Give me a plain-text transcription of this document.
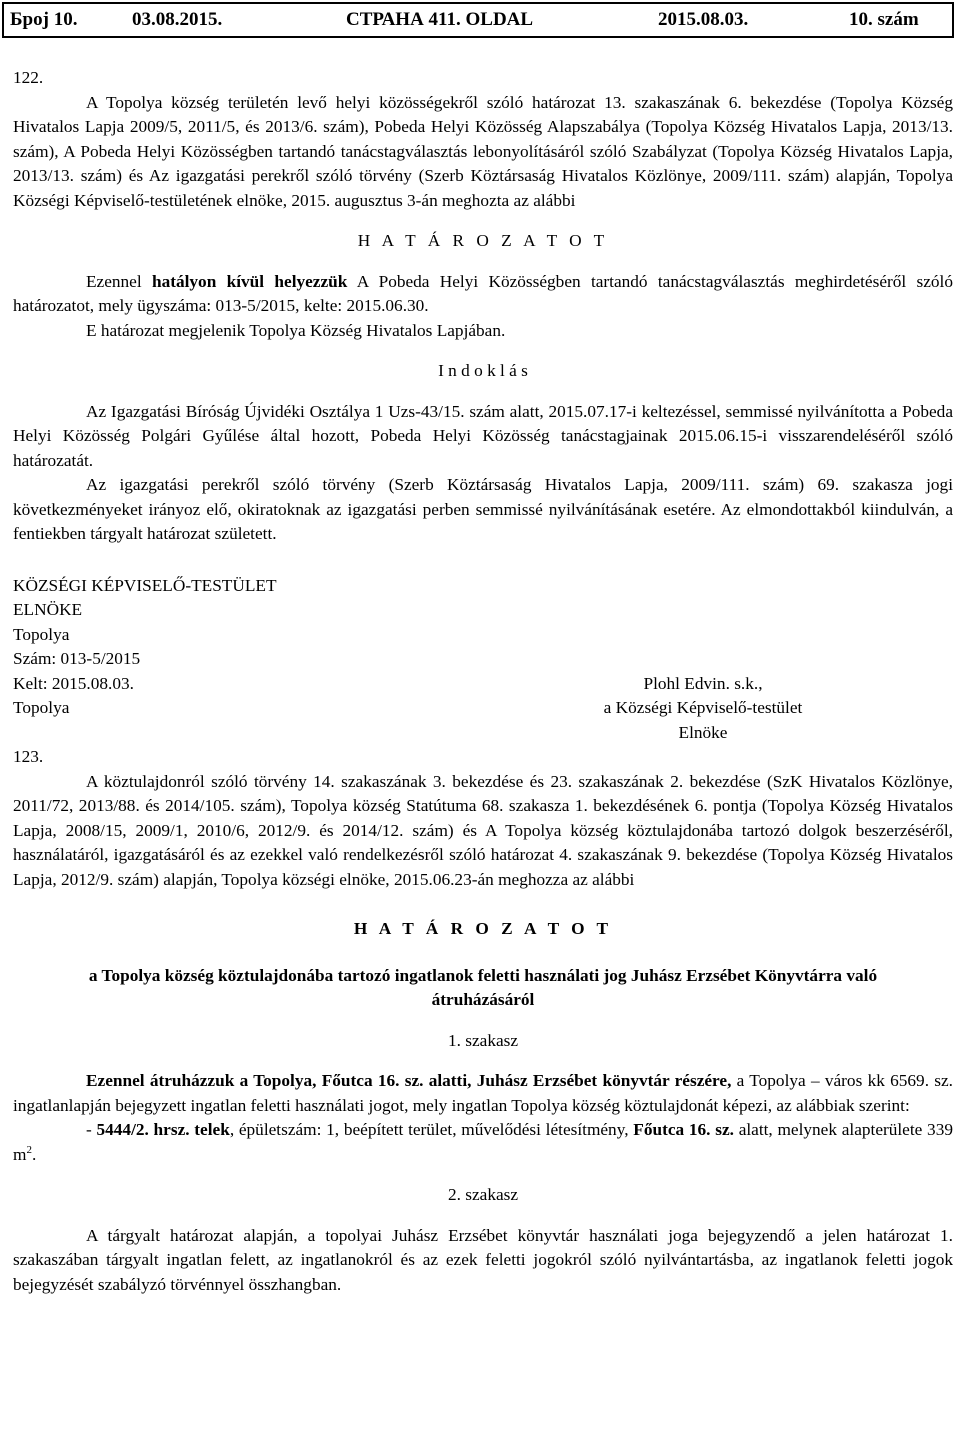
Број 10.	03.08.2015.	СТРАНА 411. OLDAL	2015.08.03.	10. szám

122.

A Topolya község területén levő helyi közösségekről szóló határozat 13. szakaszának 6. bekezdése (Topolya Község Hivatalos Lapja 2009/5, 2011/5, és 2013/6. szám), Pobeda Helyi Közösség Alapszabálya (Topolya Község Hivatalos Lapja, 2013/13. szám), A Pobeda Helyi Közösségben tartandó tanácstagválasztás lebonyolításáról szóló Szabályzat (Topolya Község Hivatalos Lapja, 2013/13. szám) és Az igazgatási perekről szóló törvény (Szerb Köztársaság Hivatalos Közlönye, 2009/111. szám) alapján, Topolya Községi Képviselő-testületének elnöke, 2015. augusztus 3-án meghozta az alábbi

H A T Á R O Z A T O T

Ezennel hatályon kívül helyezzük A Pobeda Helyi Közösségben tartandó tanácstagválasztás meghirdetéséről szóló határozatot, mely ügyszáma: 013-5/2015, kelte: 2015.06.30.

E határozat megjelenik Topolya Község Hivatalos Lapjában.

I n d o k l á s

Az Igazgatási Bíróság Újvidéki Osztálya 1 Uzs-43/15. szám alatt, 2015.07.17-i keltezéssel, semmissé nyilvánította a Pobeda Helyi Közösség Polgári Gyűlése által hozott, Pobeda Helyi Közösség tanácstagjainak 2015.06.15-i visszarendeléséről szóló határozatát.

Az igazgatási perekről szóló törvény (Szerb Köztársaság Hivatalos Lapja, 2009/111. szám) 69. szakasza jogi következményeket irányoz elő, okiratoknak az igazgatási perben semmissé nyilvánításának esetére. Az elmondottakból kiindulván, a fentiekben tárgyalt határozat született.

KÖZSÉGI KÉPVISELŐ-TESTÜLET

ELNÖKE

Topolya

Szám: 013-5/2015

Kelt: 2015.08.03.	Plohl Edvin. s.k.,

Topolya	a Községi Képviselő-testület

Elnöke

123.

A köztulajdonról szóló törvény 14. szakaszának 3. bekezdése és 23. szakaszának 2. bekezdése (SzK Hivatalos Közlönye, 2011/72, 2013/88. és 2014/105. szám), Topolya község Statútuma 68. szakasza 1. bekezdésének 6. pontja (Topolya Község Hivatalos Lapja, 2008/15, 2009/1, 2010/6, 2012/9. és 2014/12. szám) és A Topolya község köztulajdonába tartozó dolgok beszerzéséről, használatáról, igazgatásáról és az ezekkel való rendelkezésről szóló határozat 4. szakaszának 9. bekezdése (Topolya Község Hivatalos Lapja, 2012/9. szám) alapján, Topolya községi elnöke, 2015.06.23-án meghozza az alábbi

H A T Á R O Z A T O T

a Topolya község köztulajdonába tartozó ingatlanok feletti használati jog Juhász Erzsébet Könyvtárra való átruházásáról

1. szakasz

Ezennel átruházzuk a Topolya, Főutca 16. sz. alatti, Juhász Erzsébet könyvtár részére, a Topolya – város kk 6569. sz. ingatlanlapján bejegyzett ingatlan feletti használati jogot, mely ingatlan Topolya község köztulajdonát képezi, az alábbiak szerint:

- 5444/2. hrsz. telek, épületszám: 1, beépített terület, művelődési létesítmény, Főutca 16. sz. alatt, melynek alapterülete 339 $m^2$.

2. szakasz

A tárgyalt határozat alapján, a topolyai Juhász Erzsébet könyvtár használati joga bejegyzendő a jelen határozat 1. szakaszában tárgyalt ingatlan felett, az ingatlanokról és az ezek feletti jogokról szóló nyilvántartásba, az ingatlanok feletti jogok bejegyzését szabályzó törvénnyel összhangban.
